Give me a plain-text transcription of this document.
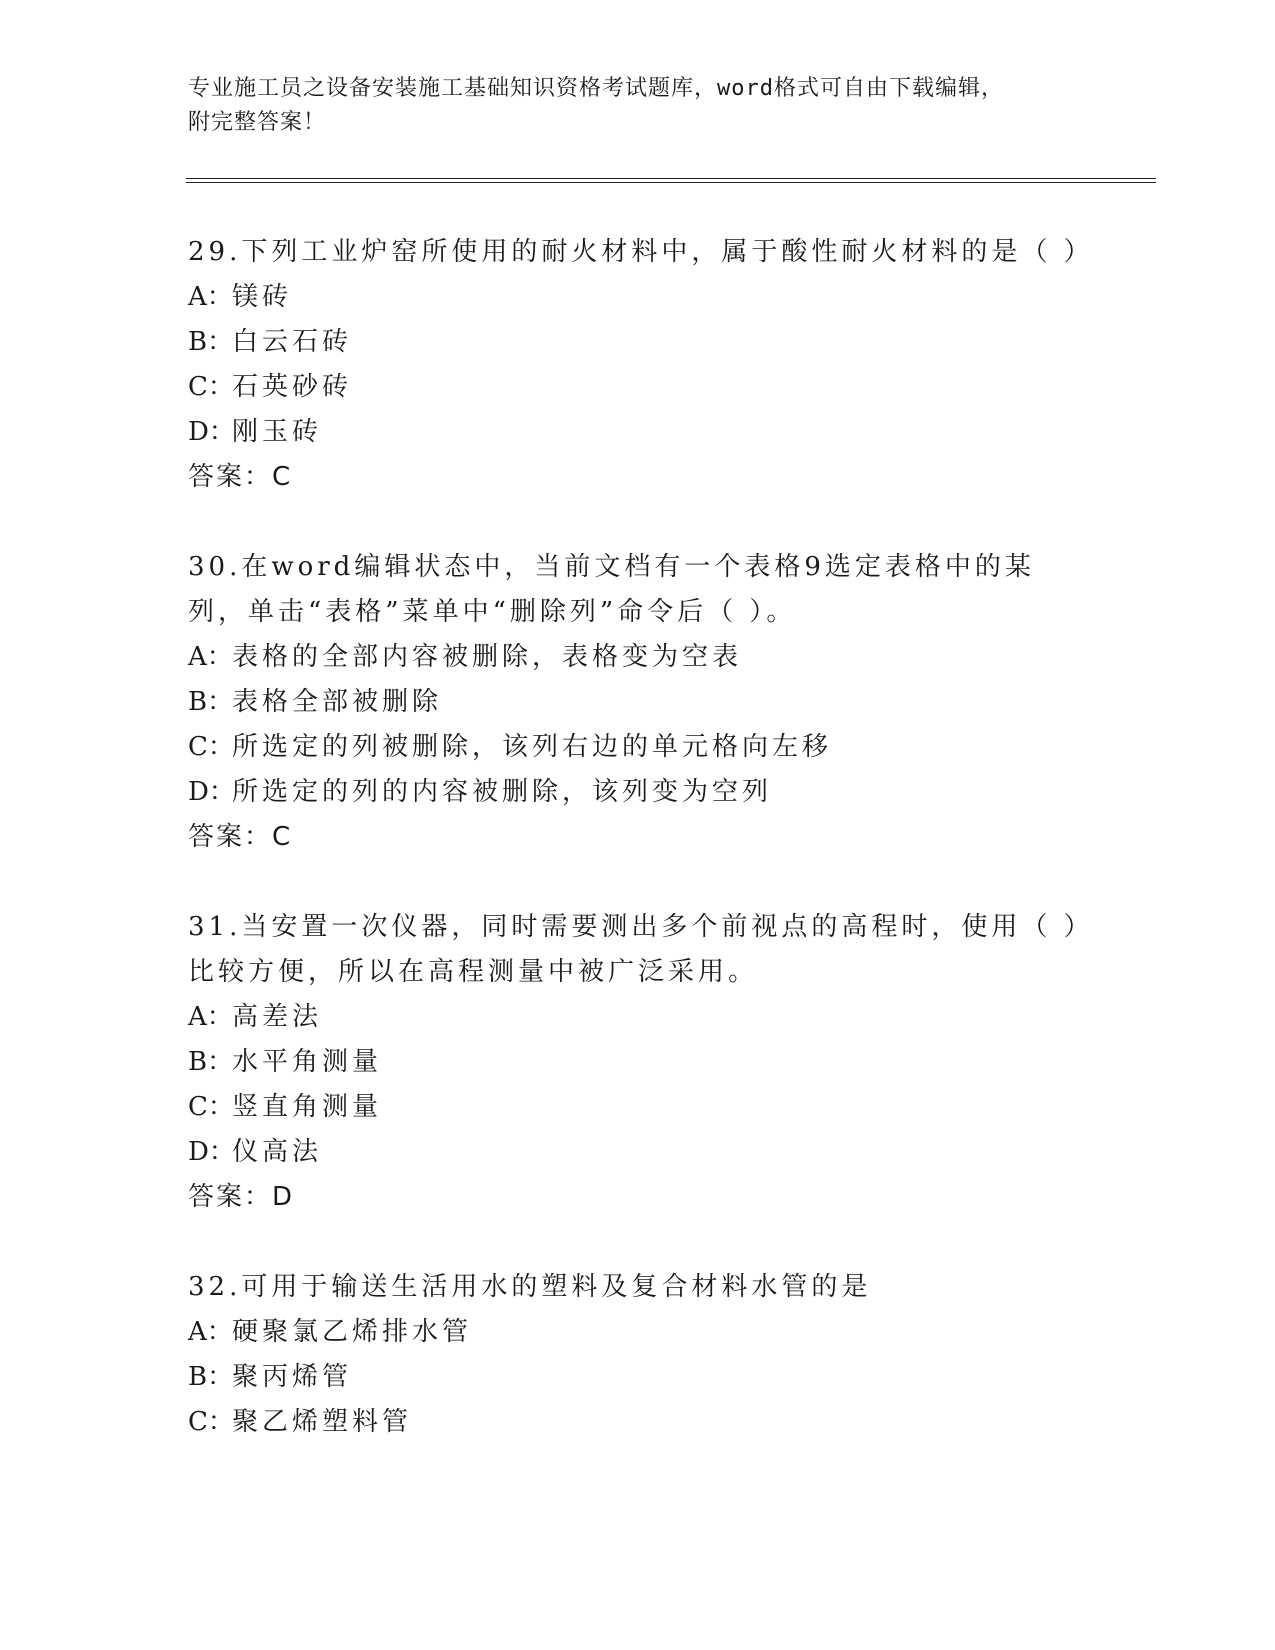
专业施工员之设备安装施工基础知识资格考试题库，word格式可自由下载编辑，
附完整答案！
29.下列工业炉窑所使用的耐火材料中，属于酸性耐火材料的是（ ）
A：镁砖
B：白云石砖
C：石英砂砖
D：刚玉砖
答案：C
30.在word编辑状态中，当前文档有一个表格9选定表格中的某列，单击“表格”菜单中“删除列”命令后（ ）。
A：表格的全部内容被删除，表格变为空表
B：表格全部被删除
C：所选定的列被删除，该列右边的单元格向左移
D：所选定的列的内容被删除，该列变为空列
答案：C
31.当安置一次仪器，同时需要测出多个前视点的高程时，使用（ ）比较方便，所以在高程测量中被广泛采用。
A：高差法
B：水平角测量
C：竖直角测量
D：仪高法
答案：D
32.可用于输送生活用水的塑料及复合材料水管的是
A：硬聚氯乙烯排水管
B：聚丙烯管
C：聚乙烯塑料管
